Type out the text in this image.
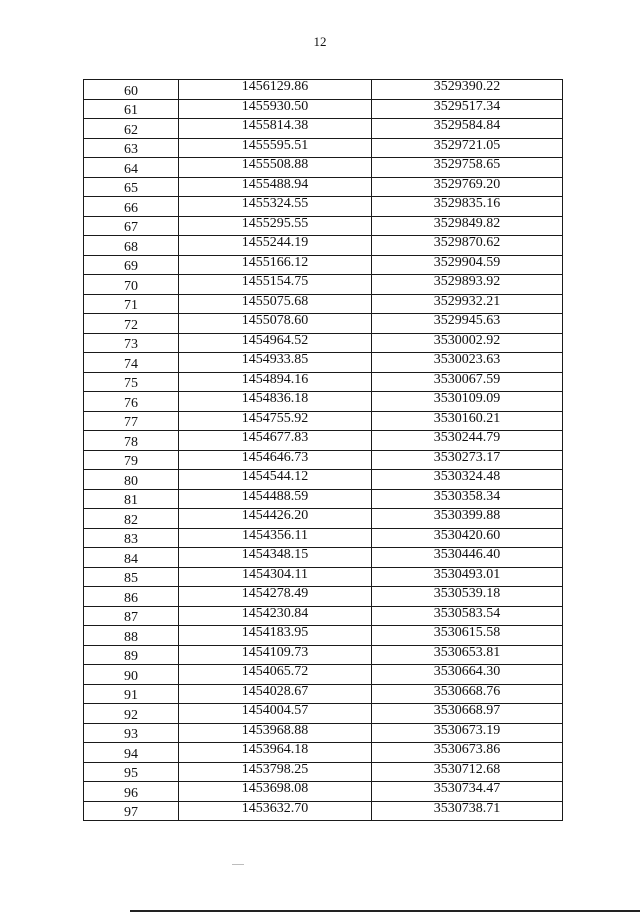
12
60	1456129.86	3529390.22
61	1455930.50	3529517.34
62	1455814.38	3529584.84
63	1455595.51	3529721.05
64	1455508.88	3529758.65
65	1455488.94	3529769.20
66	1455324.55	3529835.16
67	1455295.55	3529849.82
68	1455244.19	3529870.62
69	1455166.12	3529904.59
70	1455154.75	3529893.92
71	1455075.68	3529932.21
72	1455078.60	3529945.63
73	1454964.52	3530002.92
74	1454933.85	3530023.63
75	1454894.16	3530067.59
76	1454836.18	3530109.09
77	1454755.92	3530160.21
78	1454677.83	3530244.79
79	1454646.73	3530273.17
80	1454544.12	3530324.48
81	1454488.59	3530358.34
82	1454426.20	3530399.88
83	1454356.11	3530420.60
84	1454348.15	3530446.40
85	1454304.11	3530493.01
86	1454278.49	3530539.18
87	1454230.84	3530583.54
88	1454183.95	3530615.58
89	1454109.73	3530653.81
90	1454065.72	3530664.30
91	1454028.67	3530668.76
92	1454004.57	3530668.97
93	1453968.88	3530673.19
94	1453964.18	3530673.86
95	1453798.25	3530712.68
96	1453698.08	3530734.47
97	1453632.70	3530738.71
